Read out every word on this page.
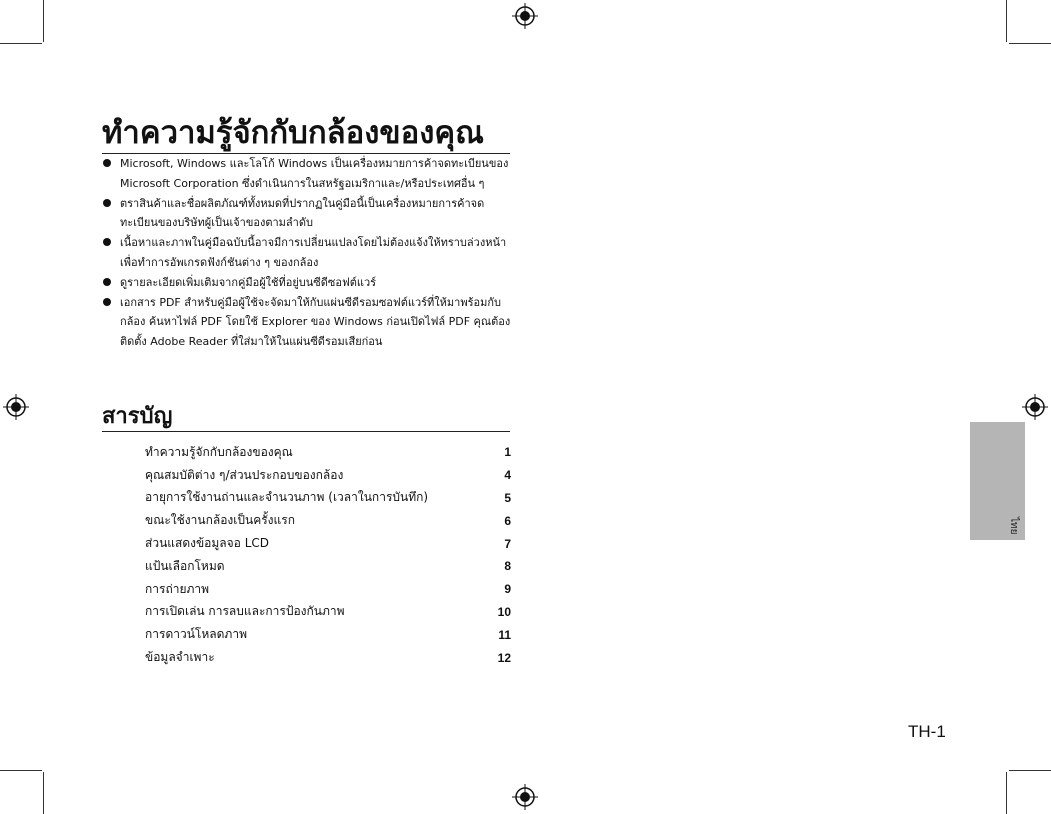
ทำความรู้จักกับกล้องของคุณ
Microsoft, Windows และโลโก้ Windows เป็นเครื่องหมายการค้าจดทะเบียนของ Microsoft Corporation ซึ่งดำเนินการในสหรัฐอเมริกาและ/หรือประเทศอื่น ๆ
ตราสินค้าและชื่อผลิตภัณฑ์ทั้งหมดที่ปรากฏในคู่มือนี้เป็นเครื่องหมายการค้าจดทะเบียนของบริษัทผู้เป็นเจ้าของตามลำดับ
เนื้อหาและภาพในคู่มือฉบับนี้อาจมีการเปลี่ยนแปลงโดยไม่ต้องแจ้งให้ทราบล่วงหน้า เพื่อทำการอัพเกรดฟังก์ชันต่าง ๆ ของกล้อง
ดูรายละเอียดเพิ่มเติมจากคู่มือผู้ใช้ที่อยู่บนซีดีซอฟต์แวร์
เอกสาร PDF สำหรับคู่มือผู้ใช้จะจัดมาให้กับแผ่นซีดีรอมซอฟต์แวร์ที่ให้มาพร้อมกับกล้อง ค้นหาไฟล์ PDF โดยใช้ Explorer ของ Windows ก่อนเปิดไฟล์ PDF คุณต้องติดตั้ง Adobe Reader ที่ใส่มาให้ในแผ่นซีดีรอมเสียก่อน
สารบัญ
ทำความรู้จักกับกล้องของคุณ	1
คุณสมบัติต่าง ๆ/ส่วนประกอบของกล้อง	4
อายุการใช้งานถ่านและจำนวนภาพ (เวลาในการบันทึก)	5
ขณะใช้งานกล้องเป็นครั้งแรก	6
ส่วนแสดงข้อมูลจอ LCD	7
แป้นเลือกโหมด	8
การถ่ายภาพ	9
การเปิดเล่น การลบและการป้องกันภาพ	10
การดาวน์โหลดภาพ	11
ข้อมูลจำเพาะ	12
ไทย
TH-1
